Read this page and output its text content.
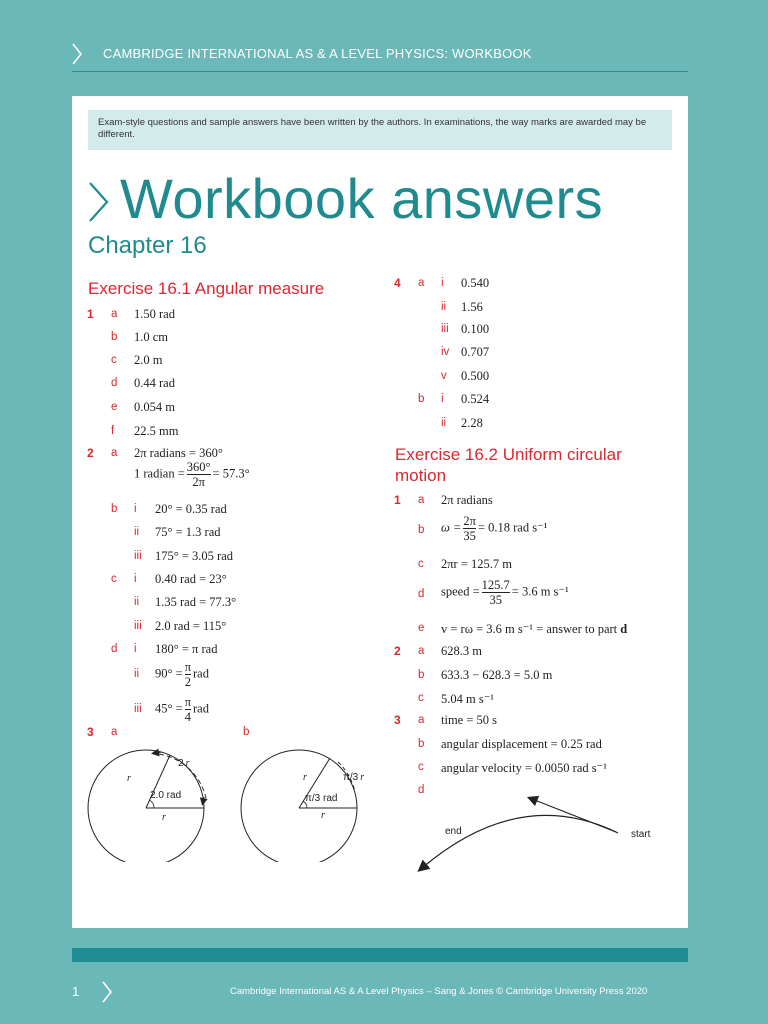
CAMBRIDGE INTERNATIONAL AS & A LEVEL PHYSICS: WORKBOOK
Exam-style questions and sample answers have been written by the authors. In examinations, the way marks are awarded may be different.
Workbook answers
Chapter 16
Exercise 16.1 Angular measure
1 a 1.50 rad
b 1.0 cm
c 2.0 m
d 0.44 rad
e 0.054 m
f 22.5 mm
2 a 2π radians = 360°
1 radian = $\frac{360^\circ}{2\pi} = 57.3^\circ$
b i 20° = 0.35 rad
ii 75° = 1.3 rad
iii 175° = 3.05 rad
c i 0.40 rad = 23°
ii 1.35 rad = 77.3°
iii 2.0 rad = 115°
d i 180° = π rad
ii $90^\circ = \frac{\pi}{2}$ rad
iii $45^\circ = \frac{\pi}{4}$ rad
3 a	b
r
2 r
2.0 rad
r
r	π/3 r
π/3 rad
r
4 a i 0.540
ii 1.56
iii 0.100
iv 0.707
v 0.500
b i 0.524
ii 2.28
Exercise 16.2 Uniform circular motion
1 a 2π radians
b $\omega = \frac{2\pi}{35} = 0.18$ rad s⁻¹
c 2πr = 125.7 m
d speed = $\frac{125.7}{35} = 3.6$ m s⁻¹
e v = rω = 3.6 m s⁻¹ = answer to part d
2 a 628.3 m
b 633.3 − 628.3 = 5.0 m
c 5.04 m s⁻¹
3 a time = 50 s
b angular displacement = 0.25 rad
c angular velocity = 0.0050 rad s⁻¹
d
end	start
1	Cambridge International AS & A Level Physics – Sang & Jones © Cambridge University Press 2020
